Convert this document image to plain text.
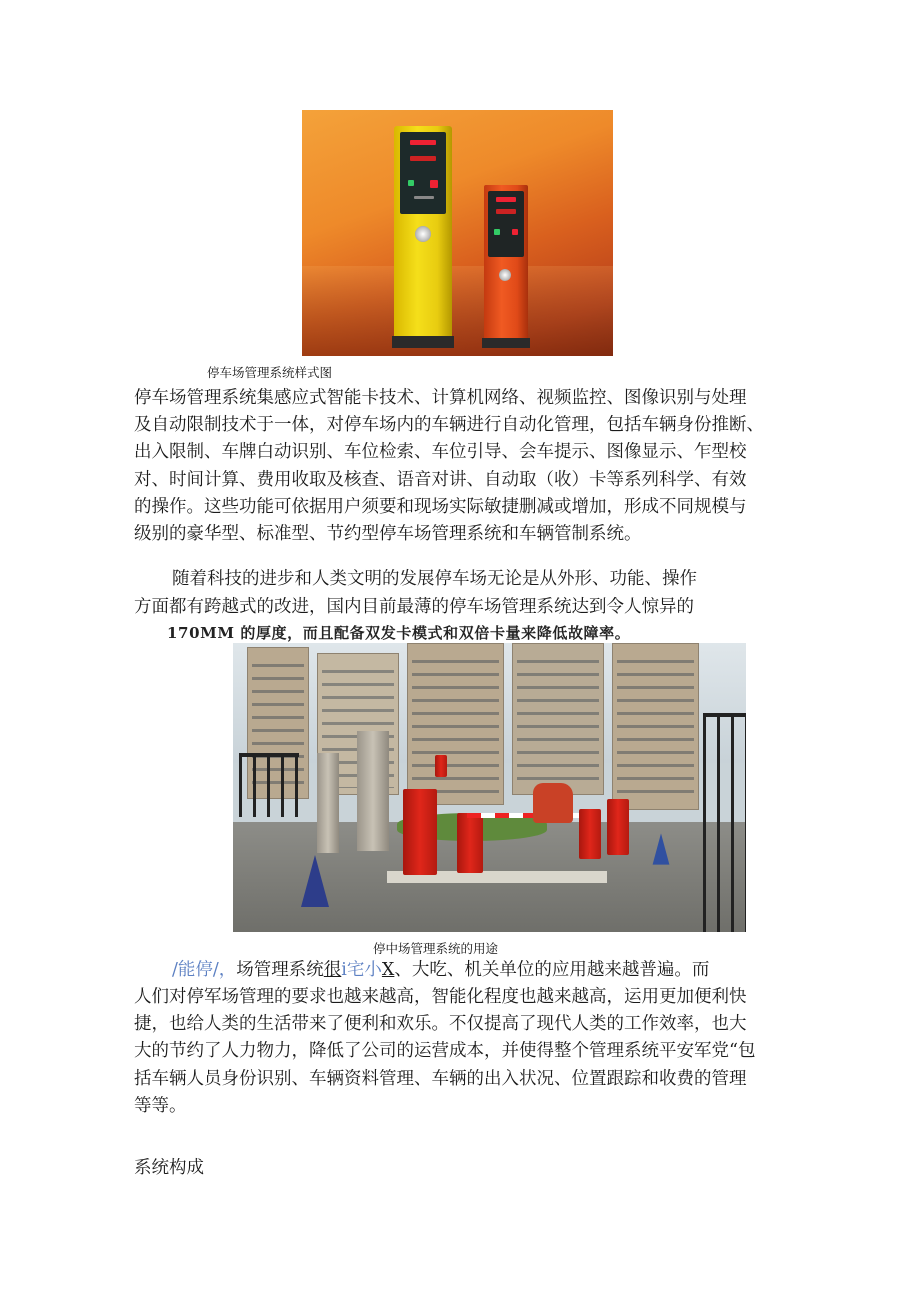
停车场管理系统样式图
停车场管理系统集感应式智能卡技术、计算机网络、视频监控、图像识别与处理
及自动限制技术于一体，对停车场内的车辆进行自动化管理，包括车辆身份推断、
出入限制、车牌白动识别、车位检索、车位引导、会车提示、图像显示、乍型校
对、时间计算、费用收取及核查、语音对讲、自动取（收）卡等系列科学、有效
的操作。这些功能可依据用户须要和现场实际敏捷删减或增加，形成不同规模与
级别的豪华型、标准型、节约型停车场管理系统和车辆管制系统。
随着科技的进步和人类文明的发展停车场无论是从外形、功能、操作
方面都有跨越式的改进，国内目前最薄的停车场管理系统达到令人惊异的
170MM 的厚度，而且配备双发卡模式和双倍卡量来降低故障率。
停中场管理系统的用途
/能停/，场管理系统很i宅小X、大吃、机关单位的应用越来越普遍。而
人们对停军场管理的要求也越来越高，智能化程度也越来越高，运用更加便利快
捷，也给人类的生活带来了便利和欢乐。不仅提高了现代人类的工作效率，也大
大的节约了人力物力，降低了公司的运营成本，并使得整个管理系统平安军党“包
括车辆人员身份识别、车辆资料管理、车辆的出入状况、位置跟踪和收费的管理
等等。
系统构成
